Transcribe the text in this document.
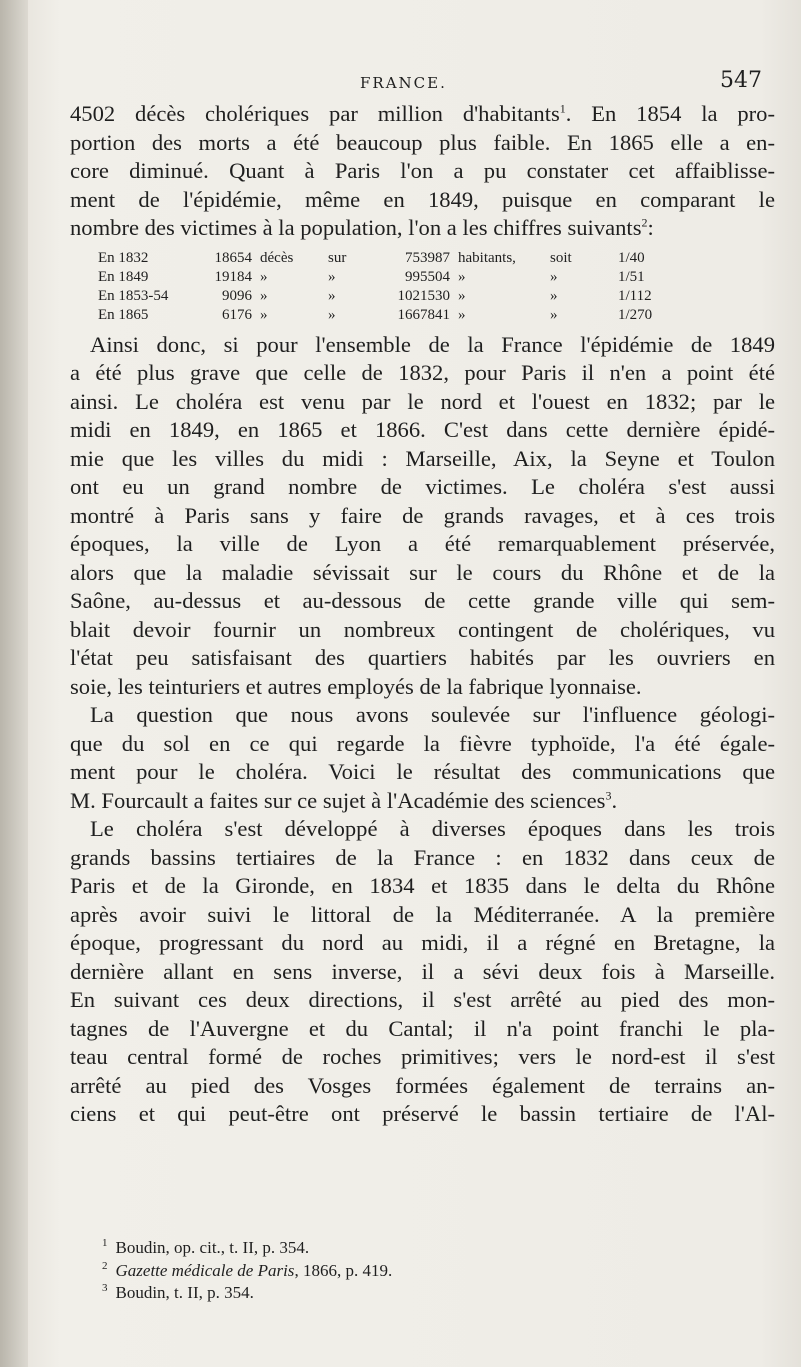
FRANCE.	547
4502 décès cholériques par million d'habitants$^1$. En 1854 la pro-
portion des morts a été beaucoup plus faible. En 1865 elle a en-
core diminué. Quant à Paris l'on a pu constater cet affaiblisse-
ment de l'épidémie, même en 1849, puisque en comparant le
nombre des victimes à la population, l'on a les chiffres suivants$^2$:
En 1832	18654 décès	sur	753987 habitants,	soit	1/40
En 1849	19184 »	»	995504 »	»	1/51
En 1853-54	9096 »	»	1021530 »	»	1/112
En 1865	6176 »	»	1667841 »	»	1/270
Ainsi donc, si pour l'ensemble de la France l'épidémie de 1849
a été plus grave que celle de 1832, pour Paris il n'en a point été
ainsi. Le choléra est venu par le nord et l'ouest en 1832; par le
midi en 1849, en 1865 et 1866. C'est dans cette dernière épidé-
mie que les villes du midi : Marseille, Aix, la Seyne et Toulon
ont eu un grand nombre de victimes. Le choléra s'est aussi
montré à Paris sans y faire de grands ravages, et à ces trois
époques, la ville de Lyon a été remarquablement préservée,
alors que la maladie sévissait sur le cours du Rhône et de la
Saône, au-dessus et au-dessous de cette grande ville qui sem-
blait devoir fournir un nombreux contingent de cholériques, vu
l'état peu satisfaisant des quartiers habités par les ouvriers en
soie, les teinturiers et autres employés de la fabrique lyonnaise.
La question que nous avons soulevée sur l'influence géologi-
que du sol en ce qui regarde la fièvre typhoïde, l'a été égale-
ment pour le choléra. Voici le résultat des communications que
M. Fourcault a faites sur ce sujet à l'Académie des sciences$^3$.
Le choléra s'est développé à diverses époques dans les trois
grands bassins tertiaires de la France : en 1832 dans ceux de
Paris et de la Gironde, en 1834 et 1835 dans le delta du Rhône
après avoir suivi le littoral de la Méditerranée. A la première
époque, progressant du nord au midi, il a régné en Bretagne, la
dernière allant en sens inverse, il a sévi deux fois à Marseille.
En suivant ces deux directions, il s'est arrêté au pied des mon-
tagnes de l'Auvergne et du Cantal; il n'a point franchi le pla-
teau central formé de roches primitives; vers le nord-est il s'est
arrêté au pied des Vosges formées également de terrains an-
ciens et qui peut-être ont préservé le bassin tertiaire de l'Al-
$^1$ Boudin, op. cit., t. II, p. 354.
$^2$ Gazette médicale de Paris, 1866, p. 419.
$^3$ Boudin, t. II, p. 354.
